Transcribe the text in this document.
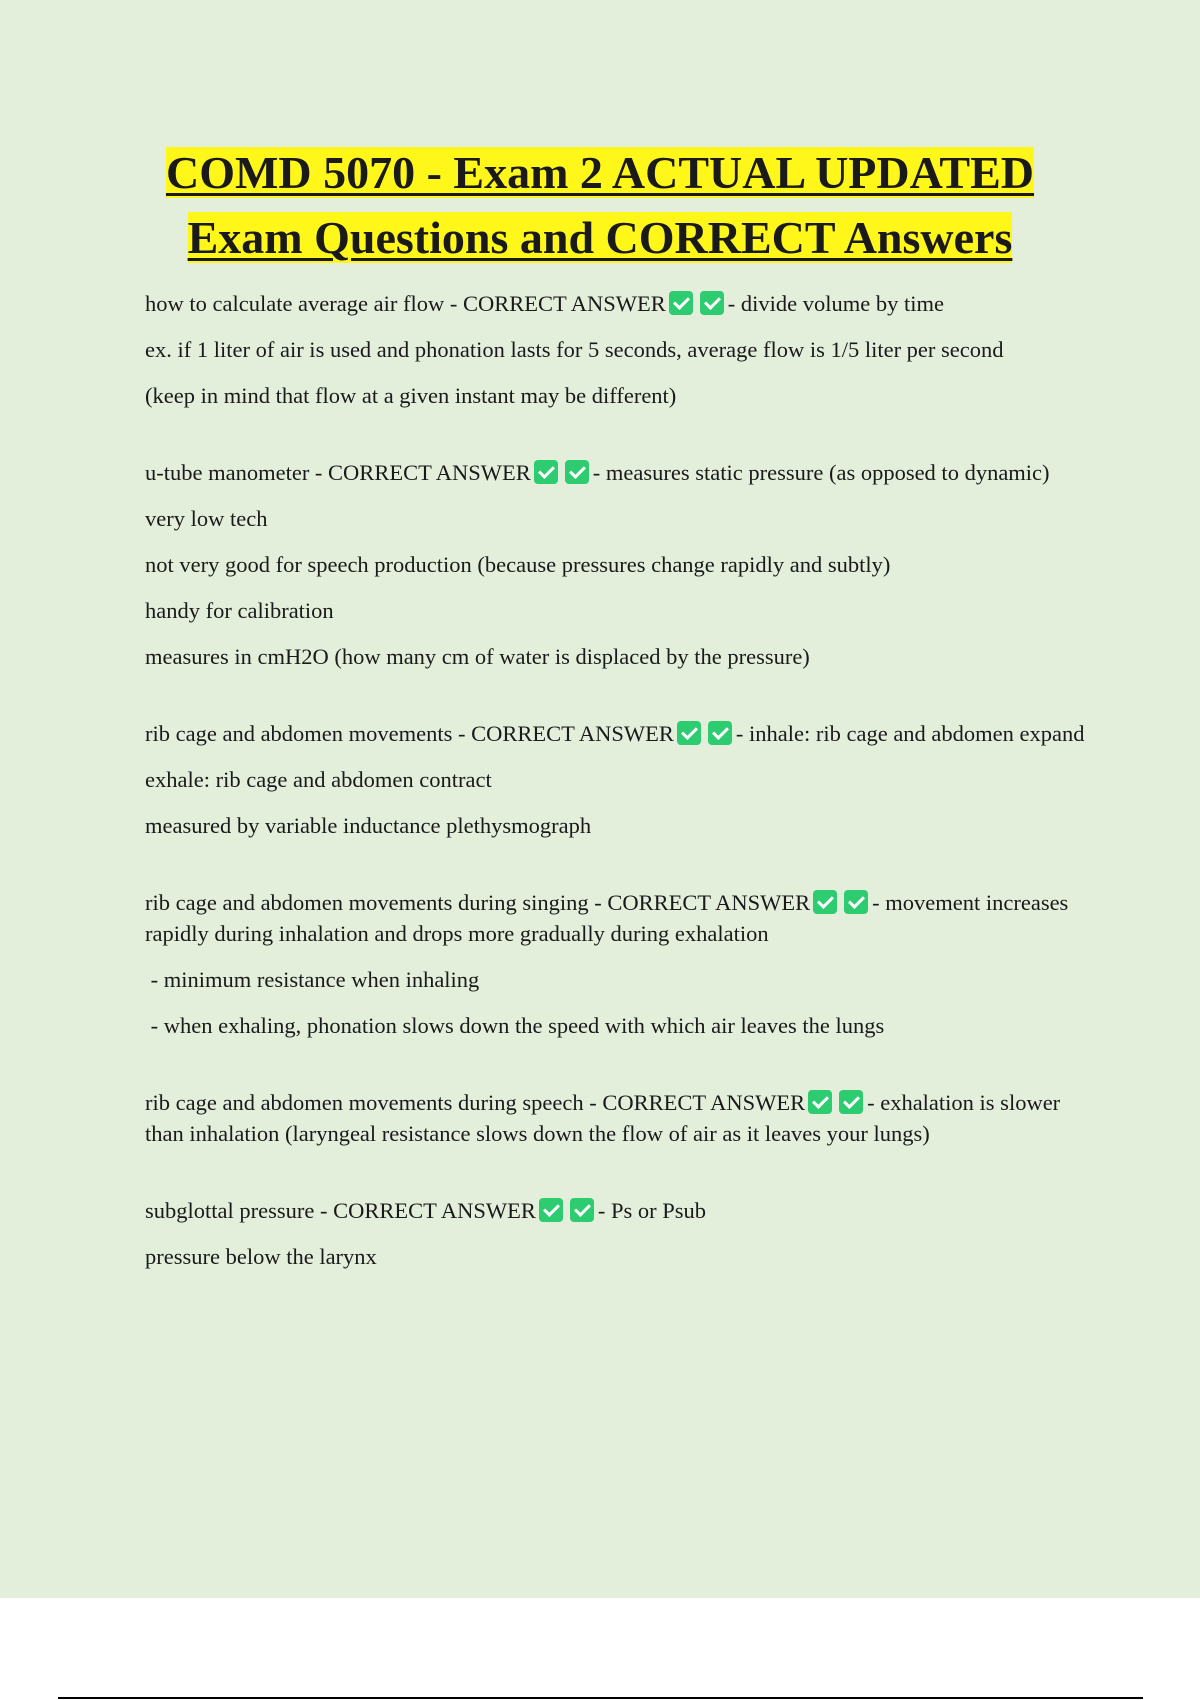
COMD 5070 - Exam 2 ACTUAL UPDATED
Exam Questions and CORRECT Answers

how to calculate average air flow - CORRECT ANSWER	- divide volume by time

ex. if 1 liter of air is used and phonation lasts for 5 seconds, average flow is 1/5 liter per second

(keep in mind that flow at a given instant may be different)

u-tube manometer - CORRECT ANSWER	- measures static pressure (as opposed to dynamic)

very low tech

not very good for speech production (because pressures change rapidly and subtly)

handy for calibration

measures in cmH2O (how many cm of water is displaced by the pressure)

rib cage and abdomen movements - CORRECT ANSWER	- inhale: rib cage and abdomen expand

exhale: rib cage and abdomen contract

measured by variable inductance plethysmograph

rib cage and abdomen movements during singing - CORRECT ANSWER	- movement increases rapidly during inhalation and drops more gradually during exhalation

- minimum resistance when inhaling

- when exhaling, phonation slows down the speed with which air leaves the lungs

rib cage and abdomen movements during speech - CORRECT ANSWER	- exhalation is slower than inhalation (laryngeal resistance slows down the flow of air as it leaves your lungs)

subglottal pressure - CORRECT ANSWER	- Ps or Psub

pressure below the larynx
